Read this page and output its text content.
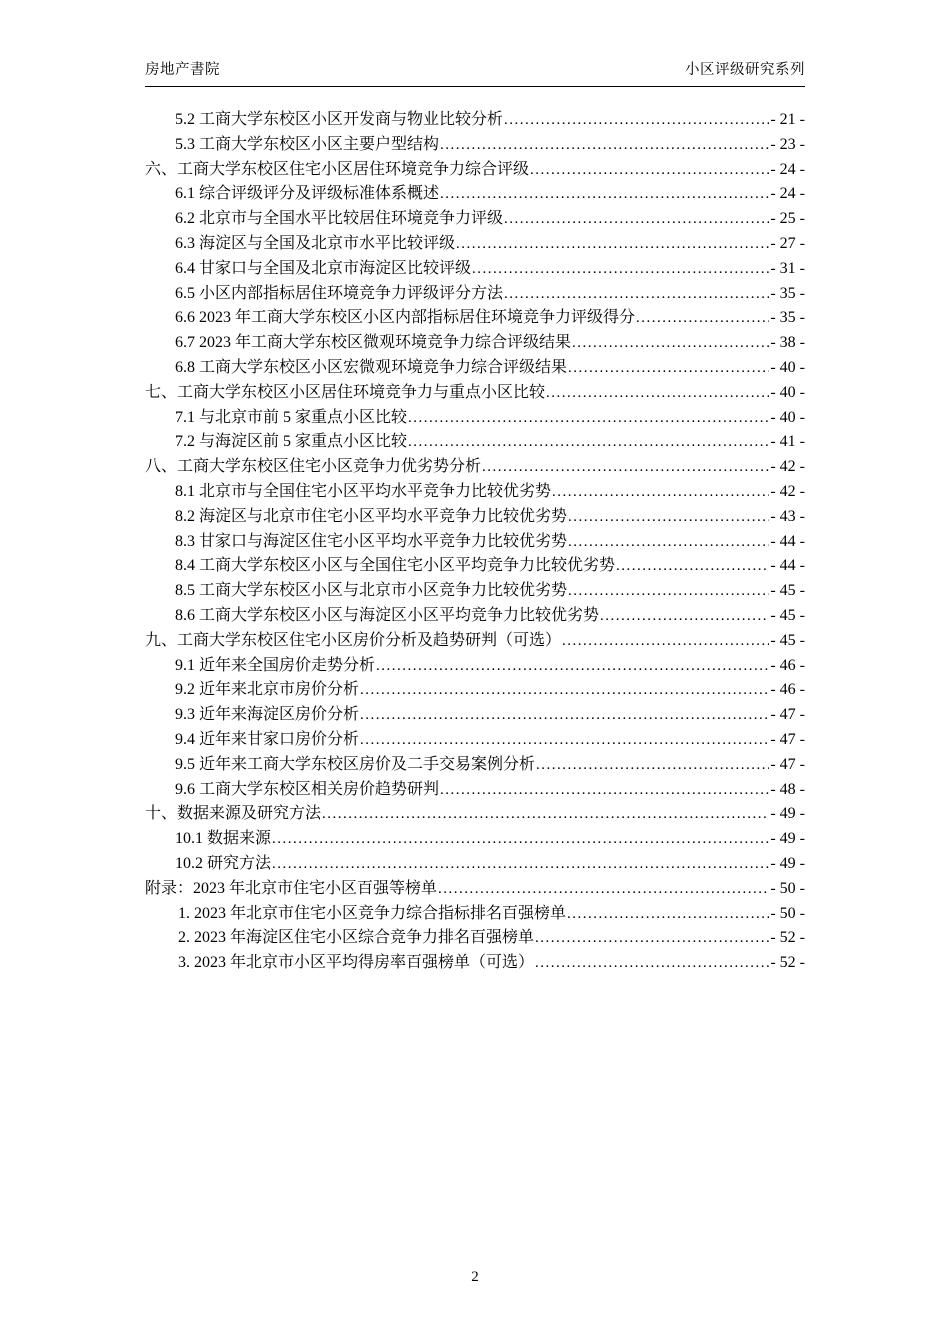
房地产書院	小区评级研究系列
5.2 工商大学东校区小区开发商与物业比较分析 .....	- 21 -
5.3 工商大学东校区小区主要户型结构 .....	- 23 -
六、工商大学东校区住宅小区居住环境竞争力综合评级 .....	- 24 -
6.1 综合评级评分及评级标准体系概述 .....	- 24 -
6.2 北京市与全国水平比较居住环境竞争力评级 .....	- 25 -
6.3 海淀区与全国及北京市水平比较评级 .....	- 27 -
6.4 甘家口与全国及北京市海淀区比较评级 .....	- 31 -
6.5 小区内部指标居住环境竞争力评级评分方法 .....	- 35 -
6.6 2023 年工商大学东校区小区内部指标居住环境竞争力评级得分 .....	- 35 -
6.7 2023 年工商大学东校区微观环境竞争力综合评级结果 .....	- 38 -
6.8 工商大学东校区小区宏微观环境竞争力综合评级结果 .....	- 40 -
七、工商大学东校区小区居住环境竞争力与重点小区比较 .....	- 40 -
7.1 与北京市前 5 家重点小区比较 .....	- 40 -
7.2 与海淀区前 5 家重点小区比较 .....	- 41 -
八、工商大学东校区住宅小区竞争力优劣势分析 .....	- 42 -
8.1 北京市与全国住宅小区平均水平竞争力比较优劣势 .....	- 42 -
8.2 海淀区与北京市住宅小区平均水平竞争力比较优劣势 .....	- 43 -
8.3 甘家口与海淀区住宅小区平均水平竞争力比较优劣势 .....	- 44 -
8.4 工商大学东校区小区与全国住宅小区平均竞争力比较优劣势 .....	- 44 -
8.5 工商大学东校区小区与北京市小区竞争力比较优劣势 .....	- 45 -
8.6 工商大学东校区小区与海淀区小区平均竞争力比较优劣势 .....	- 45 -
九、工商大学东校区住宅小区房价分析及趋势研判（可选） .....	- 45 -
9.1 近年来全国房价走势分析 .....	- 46 -
9.2 近年来北京市房价分析 .....	- 46 -
9.3 近年来海淀区房价分析 .....	- 47 -
9.4 近年来甘家口房价分析 .....	- 47 -
9.5 近年来工商大学东校区房价及二手交易案例分析 .....	- 47 -
9.6 工商大学东校区相关房价趋势研判 .....	- 48 -
十、数据来源及研究方法 .....	- 49 -
10.1 数据来源 .....	- 49 -
10.2 研究方法 .....	- 49 -
附录：2023 年北京市住宅小区百强等榜单 .....	- 50 -
1. 2023 年北京市住宅小区竞争力综合指标排名百强榜单 .....	- 50 -
2. 2023 年海淀区住宅小区综合竞争力排名百强榜单 .....	- 52 -
3. 2023 年北京市小区平均得房率百强榜单（可选） .....	- 52 -
2
